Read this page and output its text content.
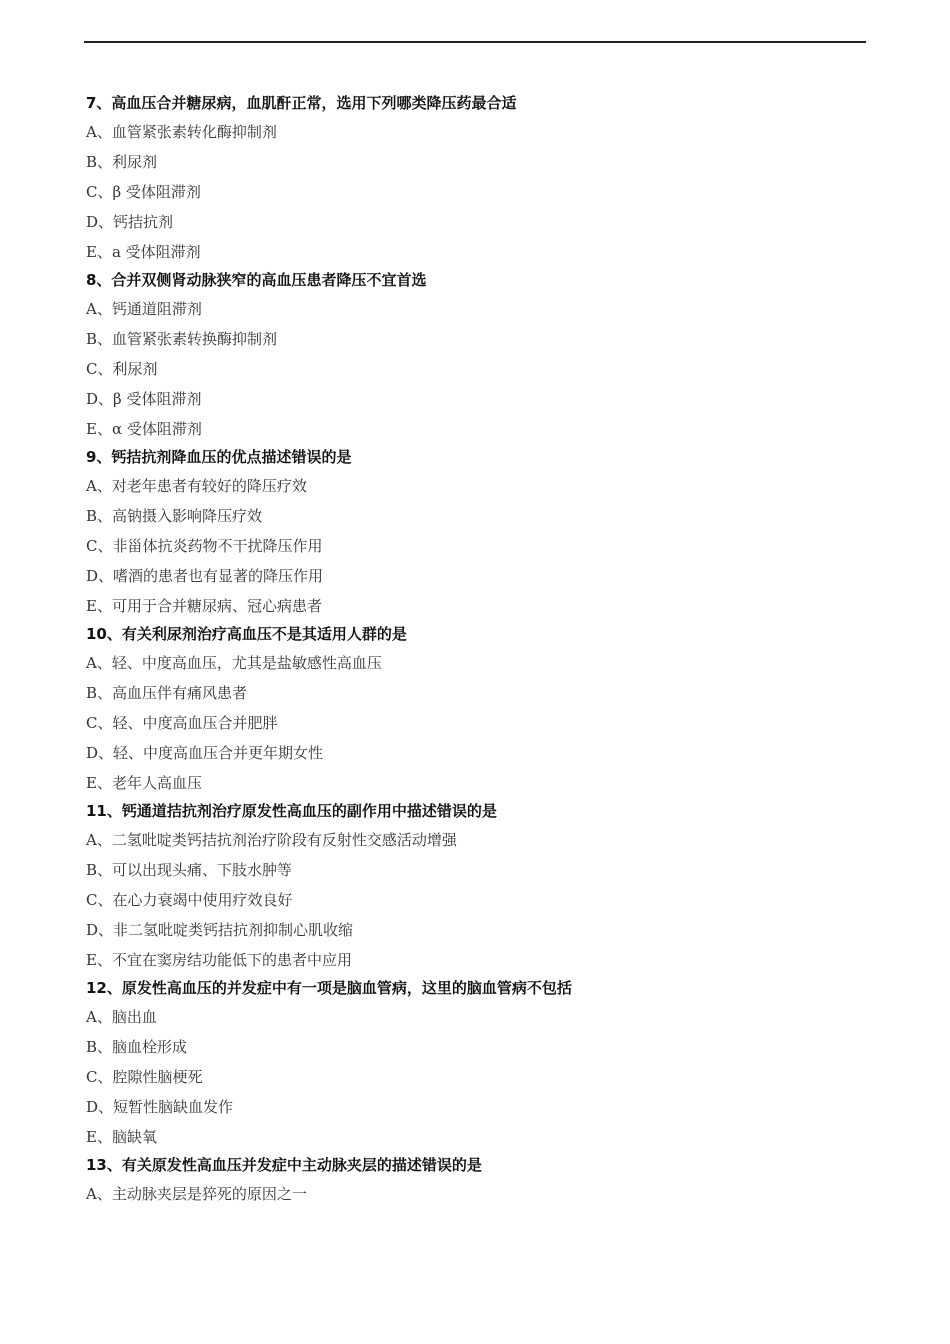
7、高血压合并糖尿病，血肌酐正常，选用下列哪类降压药最合适
A、血管紧张素转化酶抑制剂
B、利尿剂
C、β 受体阻滞剂
D、钙拮抗剂
E、a 受体阻滞剂
8、合并双侧肾动脉狭窄的高血压患者降压不宜首选
A、钙通道阻滞剂
B、血管紧张素转换酶抑制剂
C、利尿剂
D、β 受体阻滞剂
E、α 受体阻滞剂
9、钙拮抗剂降血压的优点描述错误的是
A、对老年患者有较好的降压疗效
B、高钠摄入影响降压疗效
C、非甾体抗炎药物不干扰降压作用
D、嗜酒的患者也有显著的降压作用
E、可用于合并糖尿病、冠心病患者
10、有关利尿剂治疗高血压不是其适用人群的是
A、轻、中度高血压，尤其是盐敏感性高血压
B、高血压伴有痛风患者
C、轻、中度高血压合并肥胖
D、轻、中度高血压合并更年期女性
E、老年人高血压
11、钙通道拮抗剂治疗原发性高血压的副作用中描述错误的是
A、二氢吡啶类钙拮抗剂治疗阶段有反射性交感活动增强
B、可以出现头痛、下肢水肿等
C、在心力衰竭中使用疗效良好
D、非二氢吡啶类钙拮抗剂抑制心肌收缩
E、不宜在窦房结功能低下的患者中应用
12、原发性高血压的并发症中有一项是脑血管病，这里的脑血管病不包括
A、脑出血
B、脑血栓形成
C、腔隙性脑梗死
D、短暂性脑缺血发作
E、脑缺氧
13、有关原发性高血压并发症中主动脉夹层的描述错误的是
A、主动脉夹层是猝死的原因之一
